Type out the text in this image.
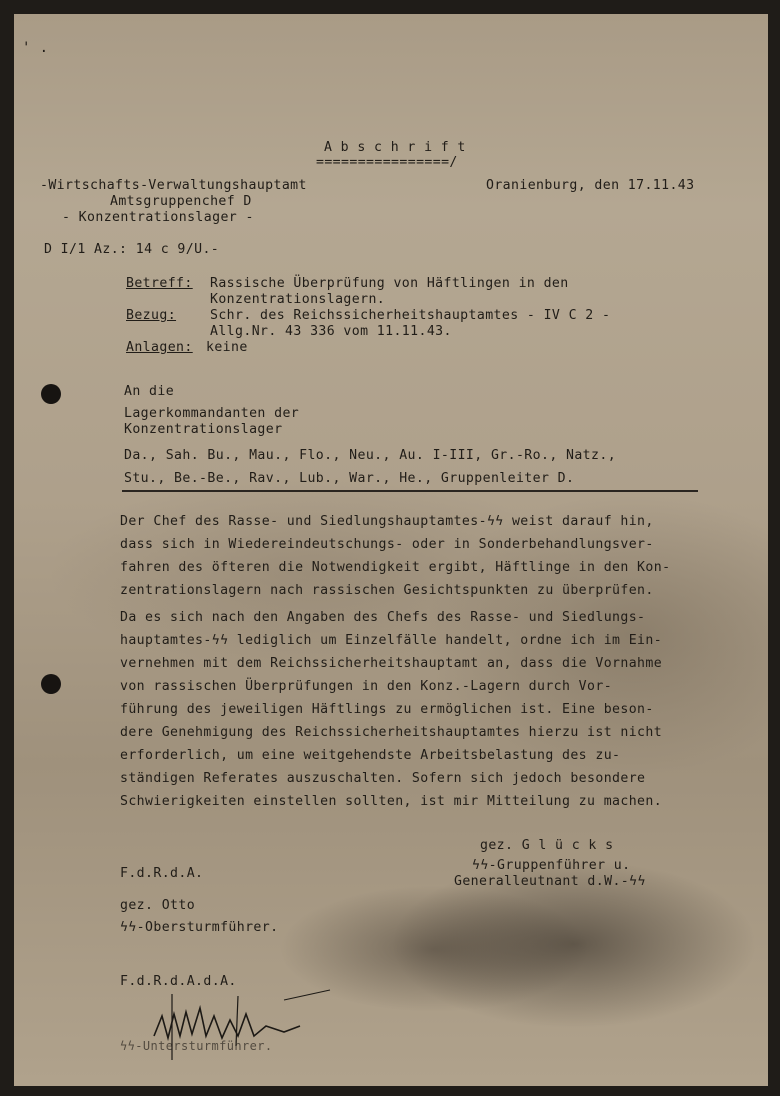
' .
A b s c h r i f t
================/
-Wirtschafts-Verwaltungshauptamt
Amtsgruppenchef D
- Konzentrationslager -
Oranienburg, den 17.11.43
D I/1 Az.: 14 c 9/U.-
Betreff: Rassische Überprüfung von Häftlingen in den
Konzentrationslagern.
Bezug:	Schr. des Reichssicherheitshauptamtes - IV C 2 -
Allg.Nr. 43 336 vom 11.11.43.
Anlagen: keine
An die
Lagerkommandanten der
Konzentrationslager
Da., Sah. Bu., Mau., Flo., Neu., Au. I-III, Gr.-Ro., Natz.,
Stu., Be.-Be., Rav., Lub., War., He., Gruppenleiter D.
Der Chef des Rasse- und Siedlungshauptamtes-ϟϟ weist darauf hin,
dass sich in Wiedereindeutschungs- oder in Sonderbehandlungsver-
fahren des öfteren die Notwendigkeit ergibt, Häftlinge in den Kon-
zentrationslagern nach rassischen Gesichtspunkten zu überprüfen.
Da es sich nach den Angaben des Chefs des Rasse- und Siedlungs-
hauptamtes-ϟϟ lediglich um Einzelfälle handelt, ordne ich im Ein-
vernehmen mit dem Reichssicherheitshauptamt an, dass die Vornahme
von rassischen Überprüfungen in den Konz.-Lagern durch Vor-
führung des jeweiligen Häftlings zu ermöglichen ist. Eine beson-
dere Genehmigung des Reichssicherheitshauptamtes hierzu ist nicht
erforderlich, um eine weitgehendste Arbeitsbelastung des zu-
ständigen Referates auszuschalten. Sofern sich jedoch besondere
Schwierigkeiten einstellen sollten, ist mir Mitteilung zu machen.
gez. G l ü c k s
ϟϟ-Gruppenführer u.
Generalleutnant d.W.-ϟϟ
F.d.R.d.A.
gez. Otto
ϟϟ-Obersturmführer.
F.d.R.d.A.d.A.
ϟϟ-Untersturmführer.
